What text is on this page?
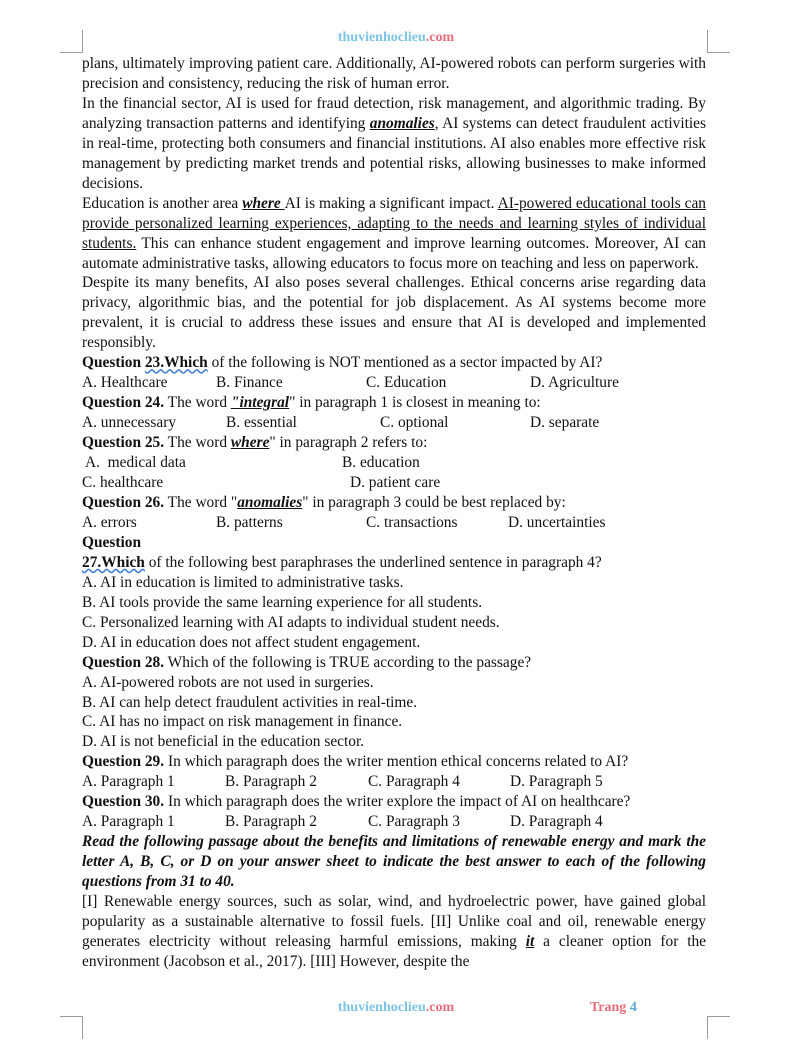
thuvienhoclieu.com

plans, ultimately improving patient care. Additionally, AI-powered robots can perform surgeries with precision and consistency, reducing the risk of human error.

In the financial sector, AI is used for fraud detection, risk management, and algorithmic trading. By analyzing transaction patterns and identifying anomalies, AI systems can detect fraudulent activities in real-time, protecting both consumers and financial institutions. AI also enables more effective risk management by predicting market trends and potential risks, allowing businesses to make informed decisions.

Education is another area where AI is making a significant impact. AI-powered educational tools can provide personalized learning experiences, adapting to the needs and learning styles of individual students. This can enhance student engagement and improve learning outcomes. Moreover, AI can automate administrative tasks, allowing educators to focus more on teaching and less on paperwork.

Despite its many benefits, AI also poses several challenges. Ethical concerns arise regarding data privacy, algorithmic bias, and the potential for job displacement. As AI systems become more prevalent, it is crucial to address these issues and ensure that AI is developed and implemented responsibly.

Question 23.Which of the following is NOT mentioned as a sector impacted by AI?

A. Healthcare	B. Finance	C. Education	D. Agriculture

Question 24. The word "integral" in paragraph 1 is closest in meaning to:

A. unnecessary	B. essential	C. optional	D. separate

Question 25. The word where" in paragraph 2 refers to:

A.  medical data	B. education
C. healthcare	D. patient care

Question 26. The word "anomalies" in paragraph 3 could be best replaced by:

A. errors	B. patterns	C. transactions	D. uncertainties

Question

27.Which of the following best paraphrases the underlined sentence in paragraph 4?

A. AI in education is limited to administrative tasks.

B. AI tools provide the same learning experience for all students.

C. Personalized learning with AI adapts to individual student needs.

D. AI in education does not affect student engagement.

Question 28. Which of the following is TRUE according to the passage?

A. AI-powered robots are not used in surgeries.

B. AI can help detect fraudulent activities in real-time.

C. AI has no impact on risk management in finance.

D. AI is not beneficial in the education sector.

Question 29. In which paragraph does the writer mention ethical concerns related to AI?

A. Paragraph 1	B. Paragraph 2	C. Paragraph 4	D. Paragraph 5

Question 30. In which paragraph does the writer explore the impact of AI on healthcare?

A. Paragraph 1	B. Paragraph 2	C. Paragraph 3	D. Paragraph 4

Read the following passage about the benefits and limitations of renewable energy and mark the letter A, B, C, or D on your answer sheet to indicate the best answer to each of the following questions from 31 to 40.

[I] Renewable energy sources, such as solar, wind, and hydroelectric power, have gained global popularity as a sustainable alternative to fossil fuels. [II] Unlike coal and oil, renewable energy generates electricity without releasing harmful emissions, making it a cleaner option for the environment (Jacobson et al., 2017). [III] However, despite the

thuvienhoclieu.com	Trang 4
